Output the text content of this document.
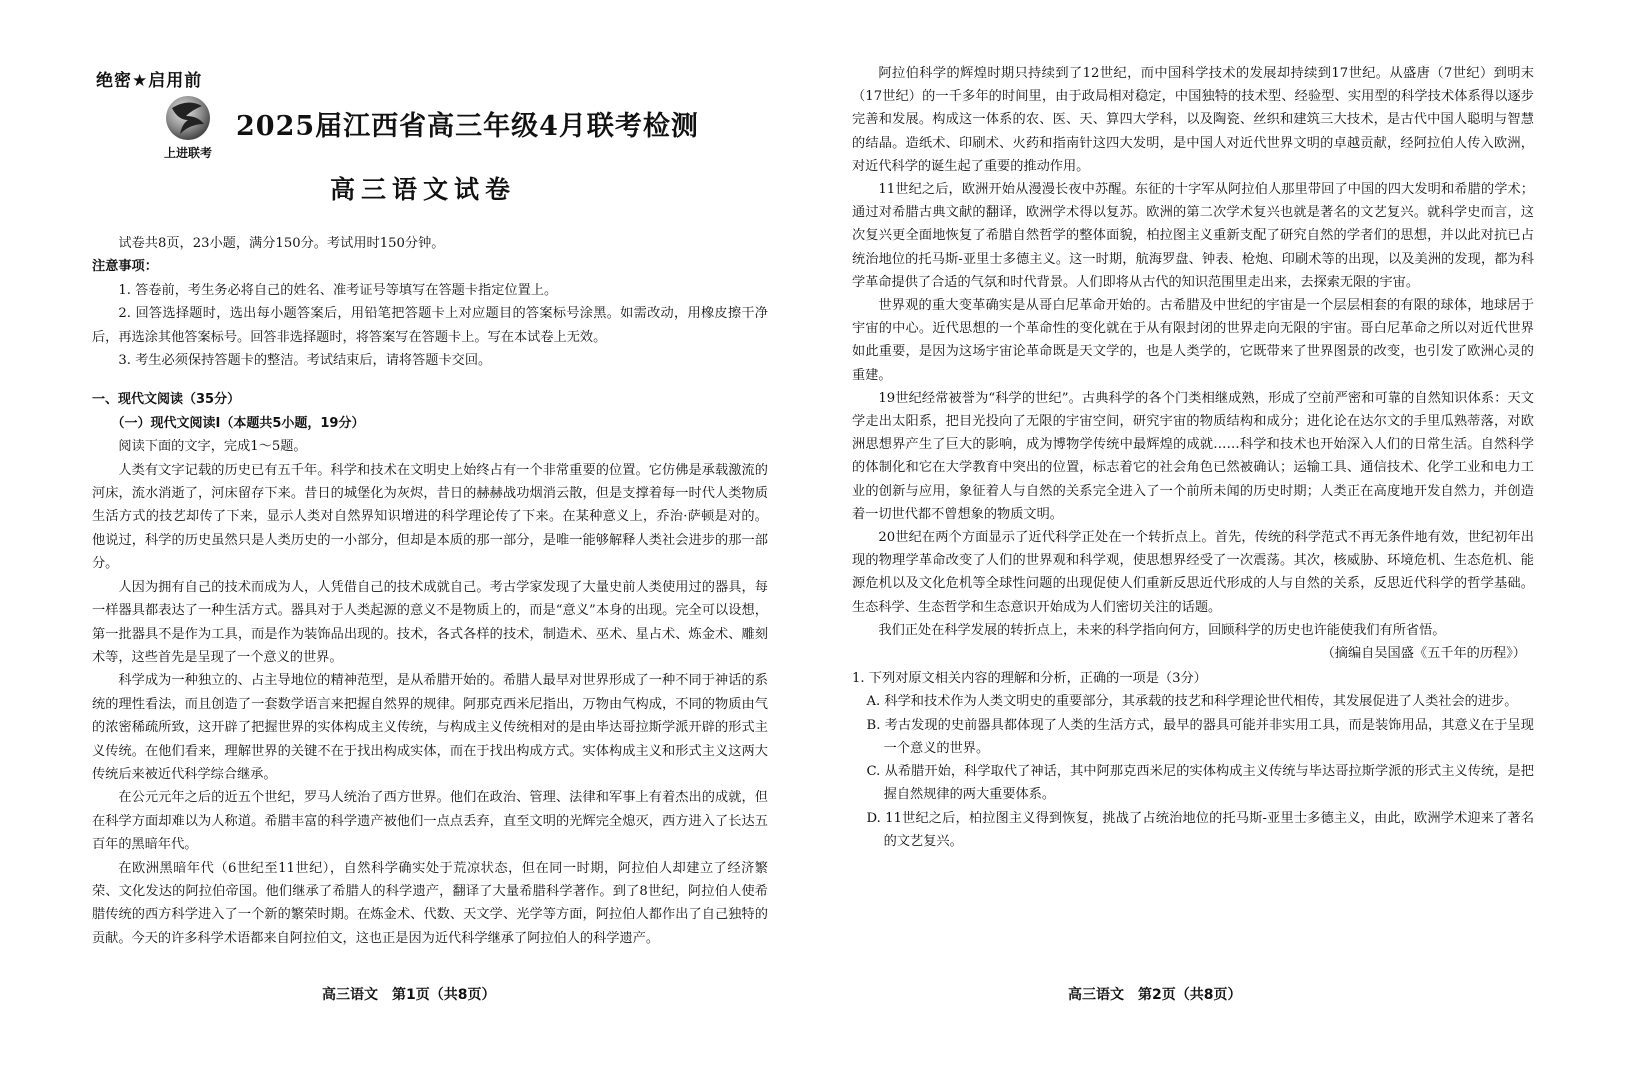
绝密★启用前
上进联考
2025届江西省高三年级4月联考检测
高三语文试卷

试卷共8页，23小题，满分150分。考试用时150分钟。

注意事项：

1. 答卷前，考生务必将自己的姓名、准考证号等填写在答题卡指定位置上。

2. 回答选择题时，选出每小题答案后，用铅笔把答题卡上对应题目的答案标号涂黑。如需改动，用橡皮擦干净后，再选涂其他答案标号。回答非选择题时，将答案写在答题卡上。写在本试卷上无效。

3. 考生必须保持答题卡的整洁。考试结束后，请将答题卡交回。

一、现代文阅读（35分）

（一）现代文阅读Ⅰ（本题共5小题，19分）

阅读下面的文字，完成1～5题。

人类有文字记载的历史已有五千年。科学和技术在文明史上始终占有一个非常重要的位置。它仿佛是承载激流的河床，流水消逝了，河床留存下来。昔日的城堡化为灰烬，昔日的赫赫战功烟消云散，但是支撑着每一时代人类物质生活方式的技艺却传了下来，显示人类对自然界知识增进的科学理论传了下来。在某种意义上，乔治·萨顿是对的。他说过，科学的历史虽然只是人类历史的一小部分，但却是本质的那一部分，是唯一能够解释人类社会进步的那一部分。

人因为拥有自己的技术而成为人，人凭借自己的技术成就自己。考古学家发现了大量史前人类使用过的器具，每一样器具都表达了一种生活方式。器具对于人类起源的意义不是物质上的，而是“意义”本身的出现。完全可以设想，第一批器具不是作为工具，而是作为装饰品出现的。技术，各式各样的技术，制造术、巫术、星占术、炼金术、雕刻术等，这些首先是呈现了一个意义的世界。

科学成为一种独立的、占主导地位的精神范型，是从希腊开始的。希腊人最早对世界形成了一种不同于神话的系统的理性看法，而且创造了一套数学语言来把握自然界的规律。阿那克西米尼指出，万物由气构成，不同的物质由气的浓密稀疏所致，这开辟了把握世界的实体构成主义传统，与构成主义传统相对的是由毕达哥拉斯学派开辟的形式主义传统。在他们看来，理解世界的关键不在于找出构成实体，而在于找出构成方式。实体构成主义和形式主义这两大传统后来被近代科学综合继承。

在公元元年之后的近五个世纪，罗马人统治了西方世界。他们在政治、管理、法律和军事上有着杰出的成就，但在科学方面却难以为人称道。希腊丰富的科学遗产被他们一点点丢弃，直至文明的光辉完全熄灭，西方进入了长达五百年的黑暗年代。

在欧洲黑暗年代（6世纪至11世纪），自然科学确实处于荒凉状态，但在同一时期，阿拉伯人却建立了经济繁荣、文化发达的阿拉伯帝国。他们继承了希腊人的科学遗产，翻译了大量希腊科学著作。到了8世纪，阿拉伯人使希腊传统的西方科学进入了一个新的繁荣时期。在炼金术、代数、天文学、光学等方面，阿拉伯人都作出了自己独特的贡献。今天的许多科学术语都来自阿拉伯文，这也正是因为近代科学继承了阿拉伯人的科学遗产。

高三语文　第1页（共8页）

阿拉伯科学的辉煌时期只持续到了12世纪，而中国科学技术的发展却持续到17世纪。从盛唐（7世纪）到明末（17世纪）的一千多年的时间里，由于政局相对稳定，中国独特的技术型、经验型、实用型的科学技术体系得以逐步完善和发展。构成这一体系的农、医、天、算四大学科，以及陶瓷、丝织和建筑三大技术，是古代中国人聪明与智慧的结晶。造纸术、印刷术、火药和指南针这四大发明，是中国人对近代世界文明的卓越贡献，经阿拉伯人传入欧洲，对近代科学的诞生起了重要的推动作用。

11世纪之后，欧洲开始从漫漫长夜中苏醒。东征的十字军从阿拉伯人那里带回了中国的四大发明和希腊的学术；通过对希腊古典文献的翻译，欧洲学术得以复苏。欧洲的第二次学术复兴也就是著名的文艺复兴。就科学史而言，这次复兴更全面地恢复了希腊自然哲学的整体面貌，柏拉图主义重新支配了研究自然的学者们的思想，并以此对抗已占统治地位的托马斯-亚里士多德主义。这一时期，航海罗盘、钟表、枪炮、印刷术等的出现，以及美洲的发现，都为科学革命提供了合适的气氛和时代背景。人们即将从古代的知识范围里走出来，去探索无限的宇宙。

世界观的重大变革确实是从哥白尼革命开始的。古希腊及中世纪的宇宙是一个层层相套的有限的球体，地球居于宇宙的中心。近代思想的一个革命性的变化就在于从有限封闭的世界走向无限的宇宙。哥白尼革命之所以对近代世界如此重要，是因为这场宇宙论革命既是天文学的，也是人类学的，它既带来了世界图景的改变，也引发了欧洲心灵的重建。

19世纪经常被誉为“科学的世纪”。古典科学的各个门类相继成熟，形成了空前严密和可靠的自然知识体系：天文学走出太阳系，把目光投向了无限的宇宙空间，研究宇宙的物质结构和成分；进化论在达尔文的手里瓜熟蒂落，对欧洲思想界产生了巨大的影响，成为博物学传统中最辉煌的成就……科学和技术也开始深入人们的日常生活。自然科学的体制化和它在大学教育中突出的位置，标志着它的社会角色已然被确认；运输工具、通信技术、化学工业和电力工业的创新与应用，象征着人与自然的关系完全进入了一个前所未闻的历史时期；人类正在高度地开发自然力，并创造着一切世代都不曾想象的物质文明。

20世纪在两个方面显示了近代科学正处在一个转折点上。首先，传统的科学范式不再无条件地有效，世纪初年出现的物理学革命改变了人们的世界观和科学观，使思想界经受了一次震荡。其次，核威胁、环境危机、生态危机、能源危机以及文化危机等全球性问题的出现促使人们重新反思近代形成的人与自然的关系，反思近代科学的哲学基础。生态科学、生态哲学和生态意识开始成为人们密切关注的话题。

我们正处在科学发展的转折点上，未来的科学指向何方，回顾科学的历史也许能使我们有所省悟。

（摘编自吴国盛《五千年的历程》）

1. 下列对原文相关内容的理解和分析，正确的一项是（3分）

A. 科学和技术作为人类文明史的重要部分，其承载的技艺和科学理论世代相传，其发展促进了人类社会的进步。

B. 考古发现的史前器具都体现了人类的生活方式，最早的器具可能并非实用工具，而是装饰用品，其意义在于呈现一个意义的世界。

C. 从希腊开始，科学取代了神话，其中阿那克西米尼的实体构成主义传统与毕达哥拉斯学派的形式主义传统，是把握自然规律的两大重要体系。

D. 11世纪之后，柏拉图主义得到恢复，挑战了占统治地位的托马斯-亚里士多德主义，由此，欧洲学术迎来了著名的文艺复兴。

高三语文　第2页（共8页）
